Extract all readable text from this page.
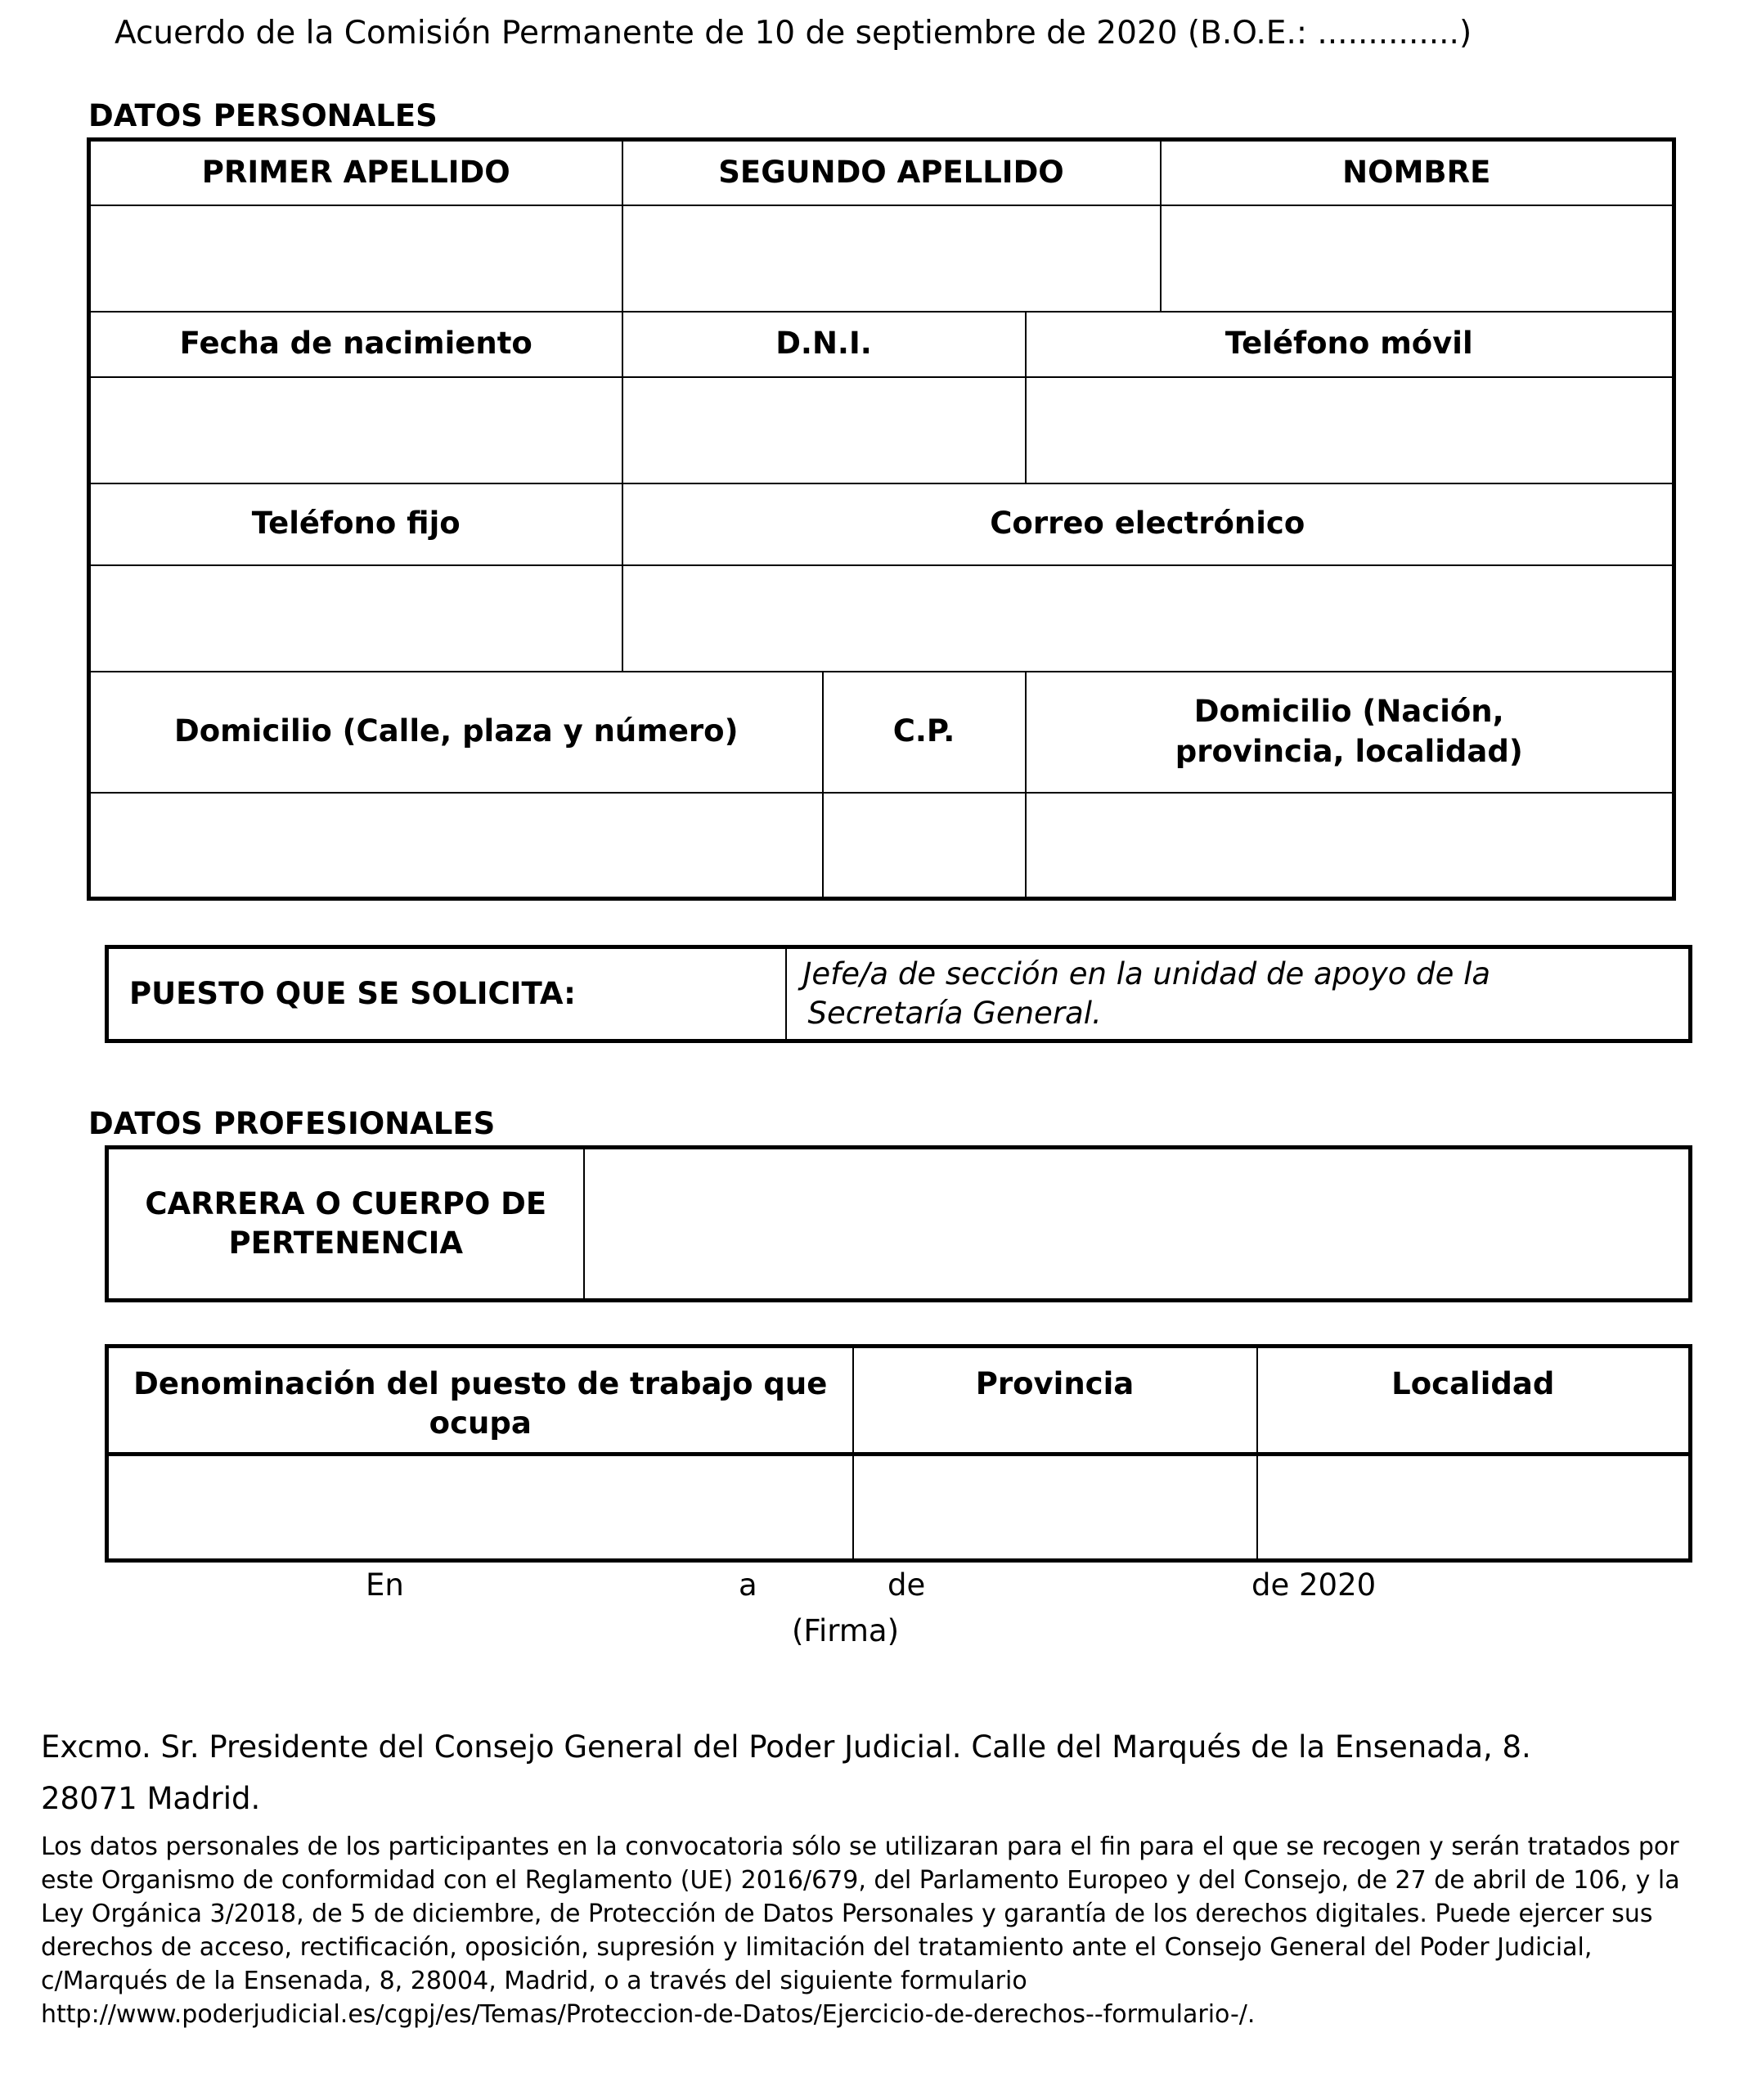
Acuerdo de la Comisión Permanente de 10 de septiembre de 2020 (B.O.E.: ..............)
DATOS PERSONALES
PRIMER APELLIDO	SEGUNDO APELLIDO			NOMBRE

Fecha de nacimiento	D.N.I.		Teléfono móvil	

Teléfono fijo	Correo electrónico			

Domicilio (Calle, plaza y número)		C.P.	Domicilio (Nación,
provincia, localidad)	

PUESTO QUE SE SOLICITA:	
Jefe/a de sección en la unidad de apoyo de la
Secretaría General.
DATOS PROFESIONALES
CARRERA O CUERPO DE
PERTENENCIA

Denominación del puesto de trabajo que
ocupa	Provincia	Localidad

En	a	de	de 2020
(Firma)
Excmo. Sr. Presidente del Consejo General del Poder Judicial. Calle del Marqués de la Ensenada, 8.
28071 Madrid.
Los datos personales de los participantes en la convocatoria sólo se utilizaran para el fin para el que se recogen y serán tratados por
este Organismo de conformidad con el Reglamento (UE) 2016/679, del Parlamento Europeo y del Consejo, de 27 de abril de 106, y la
Ley Orgánica 3/2018, de 5 de diciembre, de Protección de Datos Personales y garantía de los derechos digitales. Puede ejercer sus
derechos de acceso, rectificación, oposición, supresión y limitación del tratamiento ante el Consejo General del Poder Judicial,
c/Marqués de la Ensenada, 8, 28004, Madrid, o a través del siguiente formulario
http://www.poderjudicial.es/cgpj/es/Temas/Proteccion-de-Datos/Ejercicio-de-derechos--formulario-/.
